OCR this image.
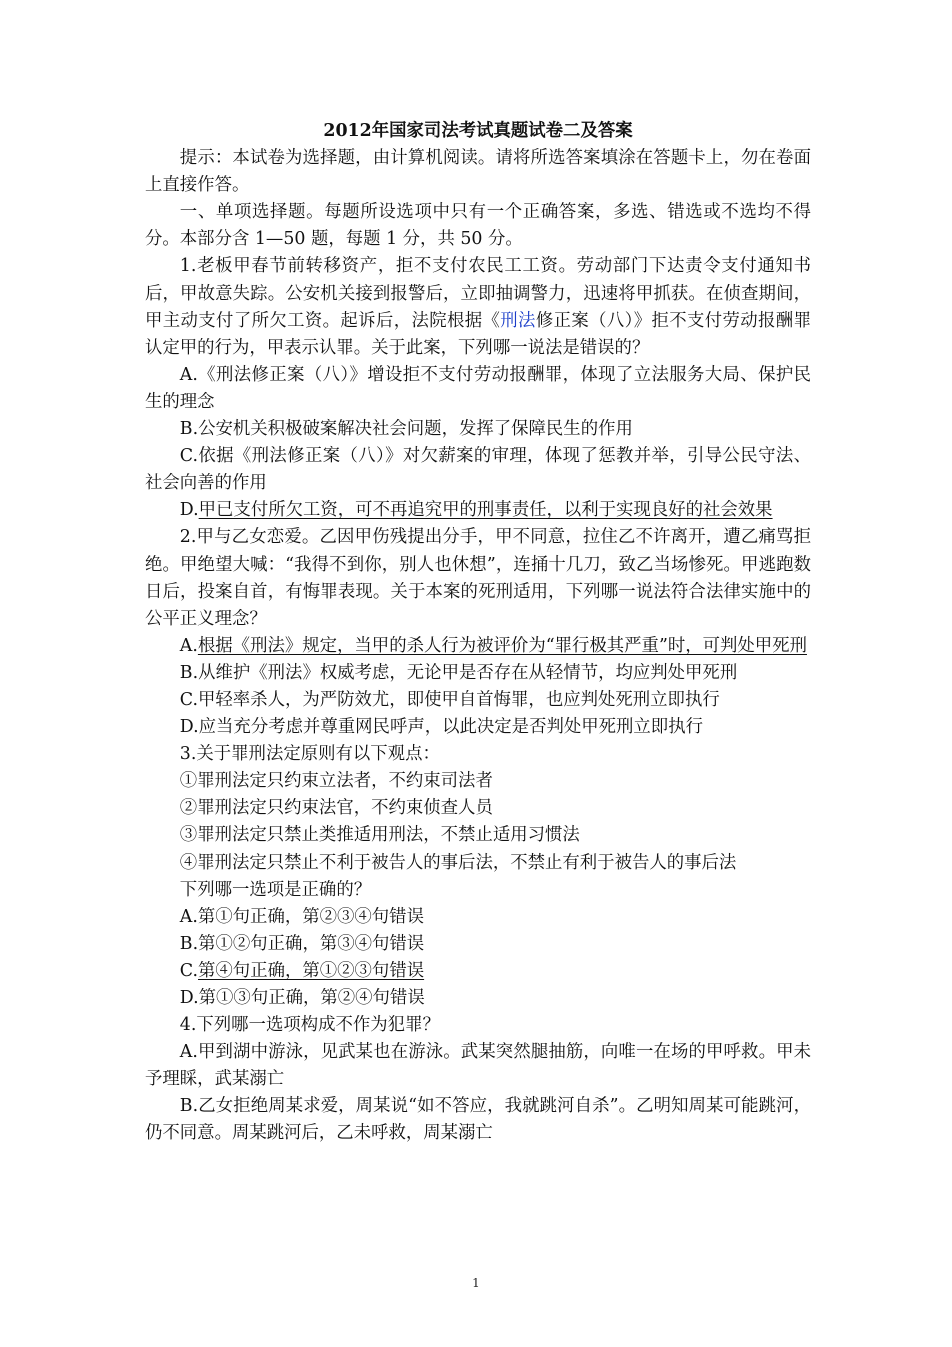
2012年国家司法考试真题试卷二及答案

提示：本试卷为选择题，由计算机阅读。请将所选答案填涂在答题卡上，勿在卷面上直接作答。

一、单项选择题。每题所设选项中只有一个正确答案，多选、错选或不选均不得分。本部分含 1—50 题，每题 1 分，共 50 分。

1.老板甲春节前转移资产，拒不支付农民工工资。劳动部门下达责令支付通知书后，甲故意失踪。公安机关接到报警后，立即抽调警力，迅速将甲抓获。在侦查期间，甲主动支付了所欠工资。起诉后，法院根据《刑法修正案（八）》拒不支付劳动报酬罪认定甲的行为，甲表示认罪。关于此案，下列哪一说法是错误的？

A.《刑法修正案（八）》增设拒不支付劳动报酬罪，体现了立法服务大局、保护民生的理念

B.公安机关积极破案解决社会问题，发挥了保障民生的作用

C.依据《刑法修正案（八）》对欠薪案的审理，体现了惩教并举，引导公民守法、社会向善的作用

D.甲已支付所欠工资，可不再追究甲的刑事责任，以利于实现良好的社会效果

2.甲与乙女恋爱。乙因甲伤残提出分手，甲不同意，拉住乙不许离开，遭乙痛骂拒绝。甲绝望大喊：“我得不到你，别人也休想”，连捅十几刀，致乙当场惨死。甲逃跑数日后，投案自首，有悔罪表现。关于本案的死刑适用，下列哪一说法符合法律实施中的公平正义理念？

A.根据《刑法》规定，当甲的杀人行为被评价为“罪行极其严重”时，可判处甲死刑

B.从维护《刑法》权威考虑，无论甲是否存在从轻情节，均应判处甲死刑

C.甲轻率杀人，为严防效尤，即使甲自首悔罪，也应判处死刑立即执行

D.应当充分考虑并尊重网民呼声，以此决定是否判处甲死刑立即执行

3.关于罪刑法定原则有以下观点：

①罪刑法定只约束立法者，不约束司法者

②罪刑法定只约束法官，不约束侦查人员

③罪刑法定只禁止类推适用刑法，不禁止适用习惯法

④罪刑法定只禁止不利于被告人的事后法，不禁止有利于被告人的事后法

下列哪一选项是正确的？

A.第①句正确，第②③④句错误

B.第①②句正确，第③④句错误

C.第④句正确，第①②③句错误

D.第①③句正确，第②④句错误

4.下列哪一选项构成不作为犯罪？

A.甲到湖中游泳，见武某也在游泳。武某突然腿抽筋，向唯一在场的甲呼救。甲未予理睬，武某溺亡

B.乙女拒绝周某求爱，周某说“如不答应，我就跳河自杀”。乙明知周某可能跳河，仍不同意。周某跳河后，乙未呼救，周某溺亡

1
